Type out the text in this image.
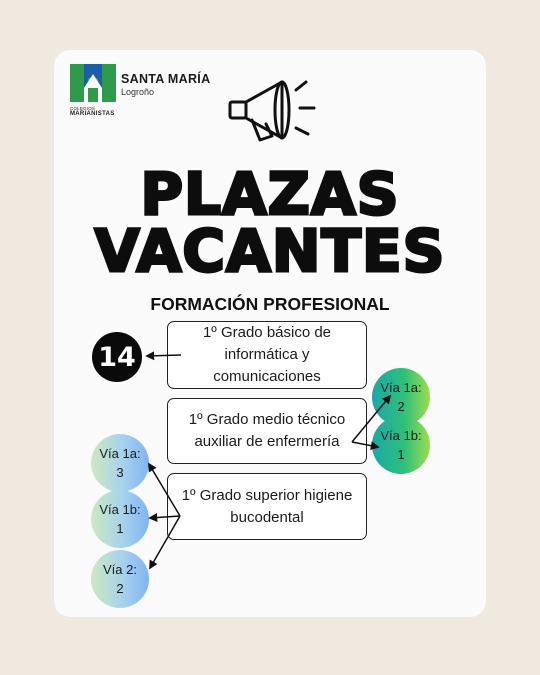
SANTA MARÍA
Logroño
COLEGIOS
MARIANISTAS
PLAZAS
VACANTES
FORMACIÓN PROFESIONAL
14
1º Grado básico de informática y comunicaciones
1º Grado medio técnico auxiliar de enfermería
1º Grado superior higiene bucodental
Vía 1a:
2
Vía 1b:
1
Vía 1a:
3
Vía 1b:
1
Vía 2:
2
